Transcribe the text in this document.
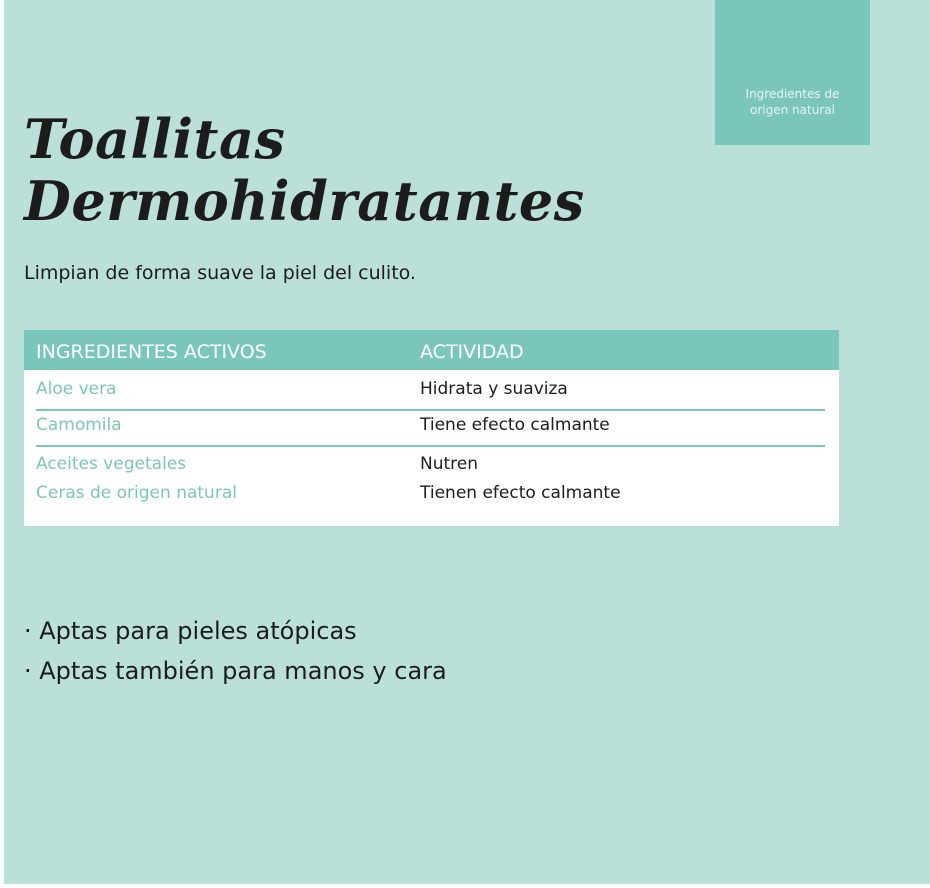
Ingredientes de
origen natural
Toallitas
Dermohidratantes

Limpian de forma suave la piel del culito.

INGREDIENTES ACTIVOS	ACTIVIDAD
Aloe vera	Hidrata y suaviza
Camomila	Tiene efecto calmante
Aceites vegetales	Nutren
Ceras de origen natural	Tienen efecto calmante
· Aptas para pieles atópicas
· Aptas también para manos y cara
